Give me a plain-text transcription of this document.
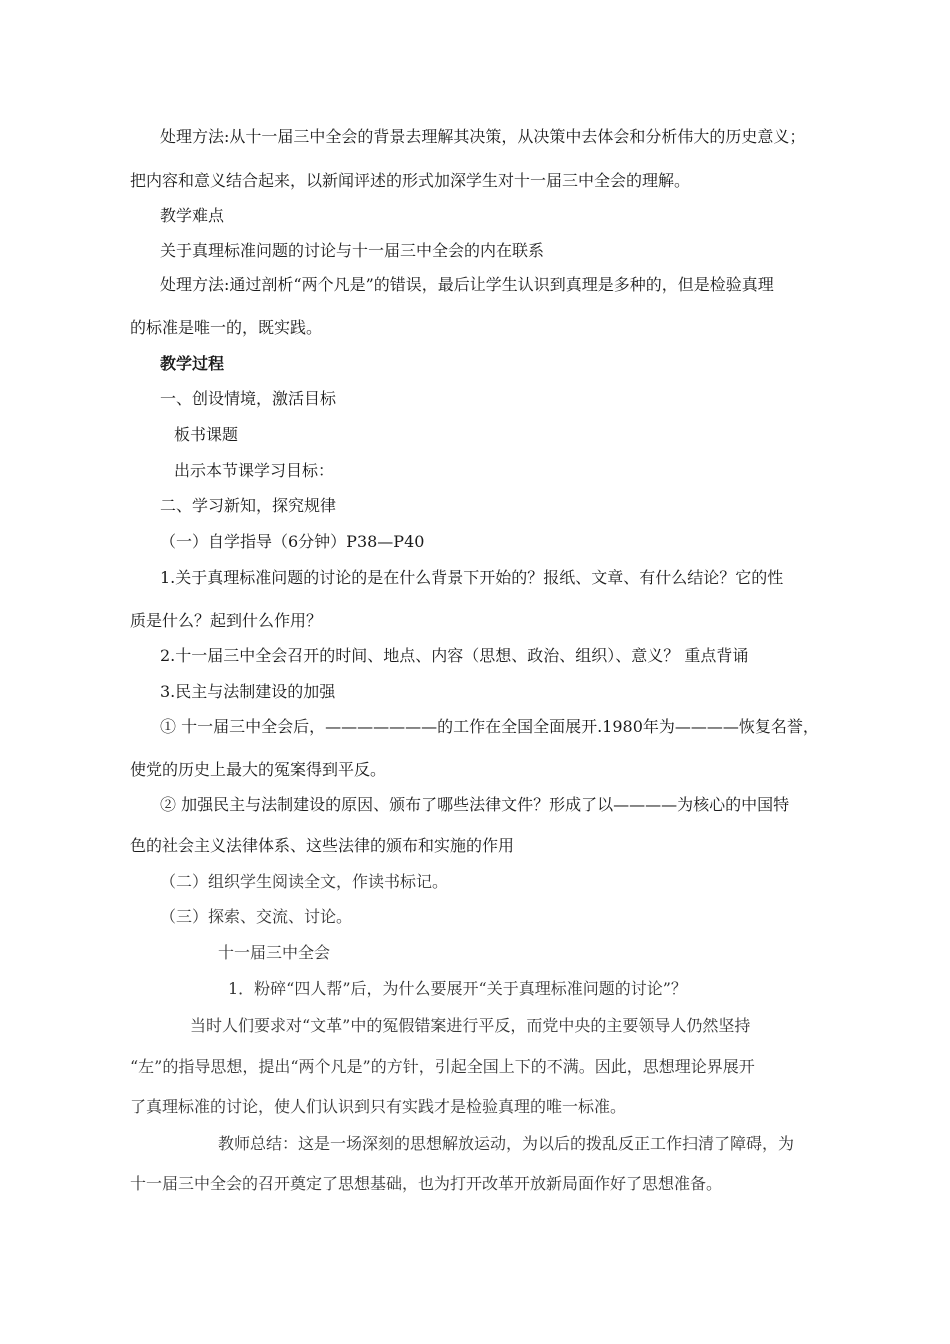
处理方法:从十一届三中全会的背景去理解其决策，从决策中去体会和分析伟大的历史意义；
把内容和意义结合起来，以新闻评述的形式加深学生对十一届三中全会的理解。
教学难点
关于真理标准问题的讨论与十一届三中全会的内在联系
处理方法:通过剖析“两个凡是”的错误，最后让学生认识到真理是多种的，但是检验真理
的标准是唯一的，既实践。
教学过程
一、创设情境，激活目标
板书课题
出示本节课学习目标：
二、学习新知，探究规律
（一）自学指导（6分钟）P38—P40
1.关于真理标准问题的讨论的是在什么背景下开始的？报纸、文章、有什么结论？它的性
质是什么？起到什么作用？
2.十一届三中全会召开的时间、地点、内容（思想、政治、组织）、意义？ 重点背诵
3.民主与法制建设的加强
① 十一届三中全会后，———————的工作在全国全面展开.1980年为————恢复名誉，
使党的历史上最大的冤案得到平反。
② 加强民主与法制建设的原因、颁布了哪些法律文件？形成了以————为核心的中国特
色的社会主义法律体系、这些法律的颁布和实施的作用
（二）组织学生阅读全文，作读书标记。
（三）探索、交流、讨论。
十一届三中全会
1．粉碎“四人帮”后，为什么要展开“关于真理标准问题的讨论”？
当时人们要求对“文革”中的冤假错案进行平反，而党中央的主要领导人仍然坚持
“左”的指导思想，提出“两个凡是”的方针，引起全国上下的不满。因此，思想理论界展开
了真理标准的讨论，使人们认识到只有实践才是检验真理的唯一标准。
教师总结：这是一场深刻的思想解放运动，为以后的拨乱反正工作扫清了障碍，为
十一届三中全会的召开奠定了思想基础，也为打开改革开放新局面作好了思想准备。
